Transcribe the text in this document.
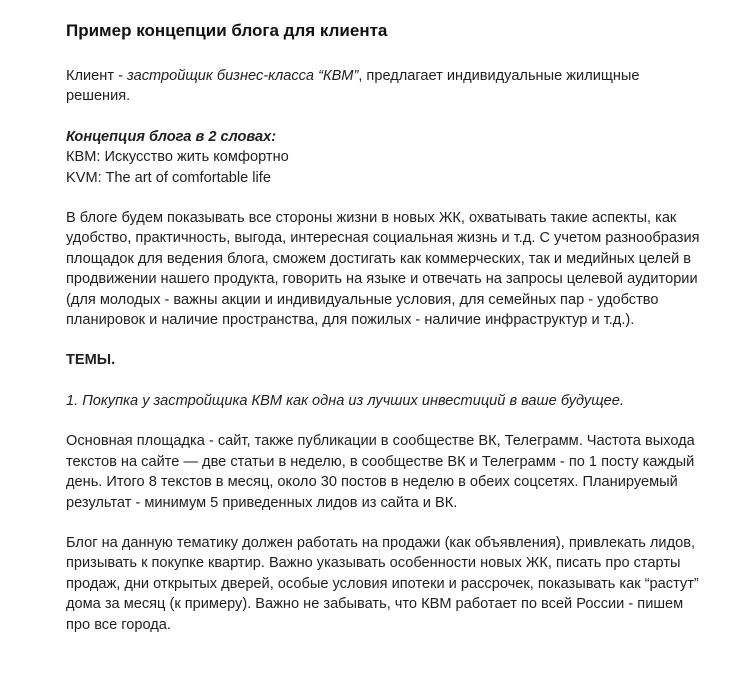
Пример концепции блога для клиента

Клиент - застройщик бизнес-класса “КВМ”, предлагает индивидуальные жилищные решения.

Концепция блога в 2 словах:

КВМ: Искусство жить комфортно

KVM: The art of comfortable life

В блоге будем показывать все стороны жизни в новых ЖК, охватывать такие аспекты, как удобство, практичность, выгода, интересная социальная жизнь и т.д. С учетом разнообразия площадок для ведения блога, сможем достигать как коммерческих, так и медийных целей в продвижении нашего продукта, говорить на языке и отвечать на запросы целевой аудитории (для молодых - важны акции и индивидуальные условия, для семейных пар - удобство планировок и наличие пространства, для пожилых - наличие инфраструктур и т.д.).

ТЕМЫ.

1. Покупка у застройщика КВМ как одна из лучших инвестиций в ваше будущее.

Основная площадка - сайт, также публикации в сообществе ВК, Телеграмм. Частота выхода текстов на сайте — две статьи в неделю, в сообществе ВК и Телеграмм - по 1 посту каждый день. Итого 8 текстов в месяц, около 30 постов в неделю в обеих соцсетях. Планируемый результат - минимум 5 приведенных лидов из сайта и ВК.

Блог на данную тематику должен работать на продажи (как объявления), привлекать лидов, призывать к покупке квартир. Важно указывать особенности новых ЖК, писать про старты продаж, дни открытых дверей, особые условия ипотеки и рассрочек, показывать как “растут” дома за месяц (к примеру). Важно не забывать, что КВМ работает по всей России - пишем про все города.
